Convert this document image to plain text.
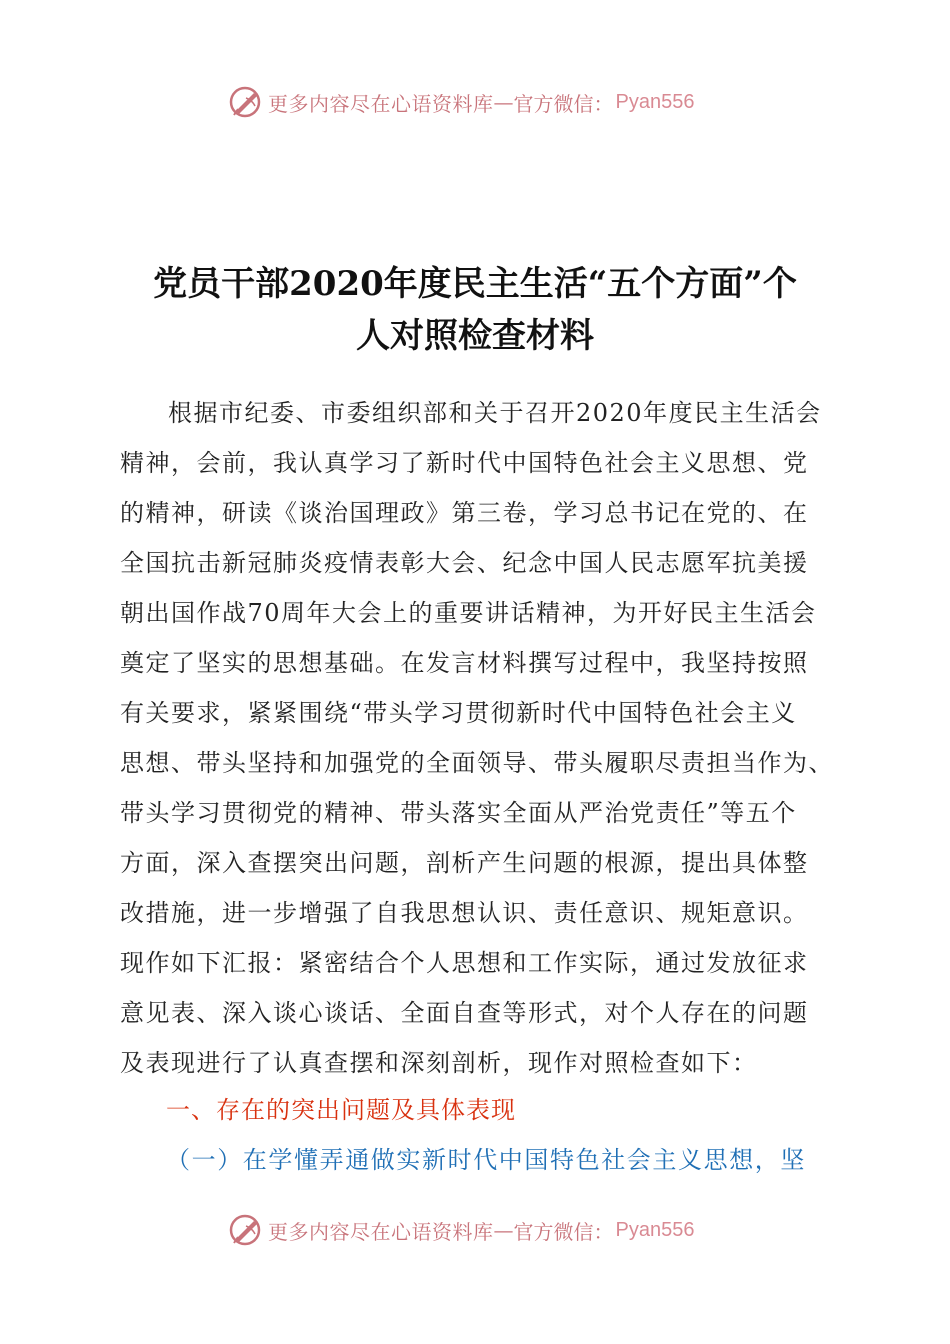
更多内容尽在心语资料库 — 官方微信： Pyan556
党员干部2020年度民主生活“五个方面”个
人对照检查材料
根据市纪委、市委组织部和关于召开2020年度民主生活会
精神，会前，我认真学习了新时代中国特色社会主义思想、党
的精神，研读《谈治国理政》第三卷，学习总书记在党的、在
全国抗击新冠肺炎疫情表彰大会、纪念中国人民志愿军抗美援
朝出国作战70周年大会上的重要讲话精神，为开好民主生活会
奠定了坚实的思想基础。在发言材料撰写过程中，我坚持按照
有关要求，紧紧围绕“带头学习贯彻新时代中国特色社会主义
思想、带头坚持和加强党的全面领导、带头履职尽责担当作为、
带头学习贯彻党的精神、带头落实全面从严治党责任”等五个
方面，深入查摆突出问题，剖析产生问题的根源，提出具体整
改措施，进一步增强了自我思想认识、责任意识、规矩意识。
现作如下汇报：紧密结合个人思想和工作实际，通过发放征求
意见表、深入谈心谈话、全面自查等形式，对个人存在的问题
及表现进行了认真查摆和深刻剖析，现作对照检查如下：
一、存在的突出问题及具体表现
（一）在学懂弄通做实新时代中国特色社会主义思想，坚
更多内容尽在心语资料库 — 官方微信： Pyan556
